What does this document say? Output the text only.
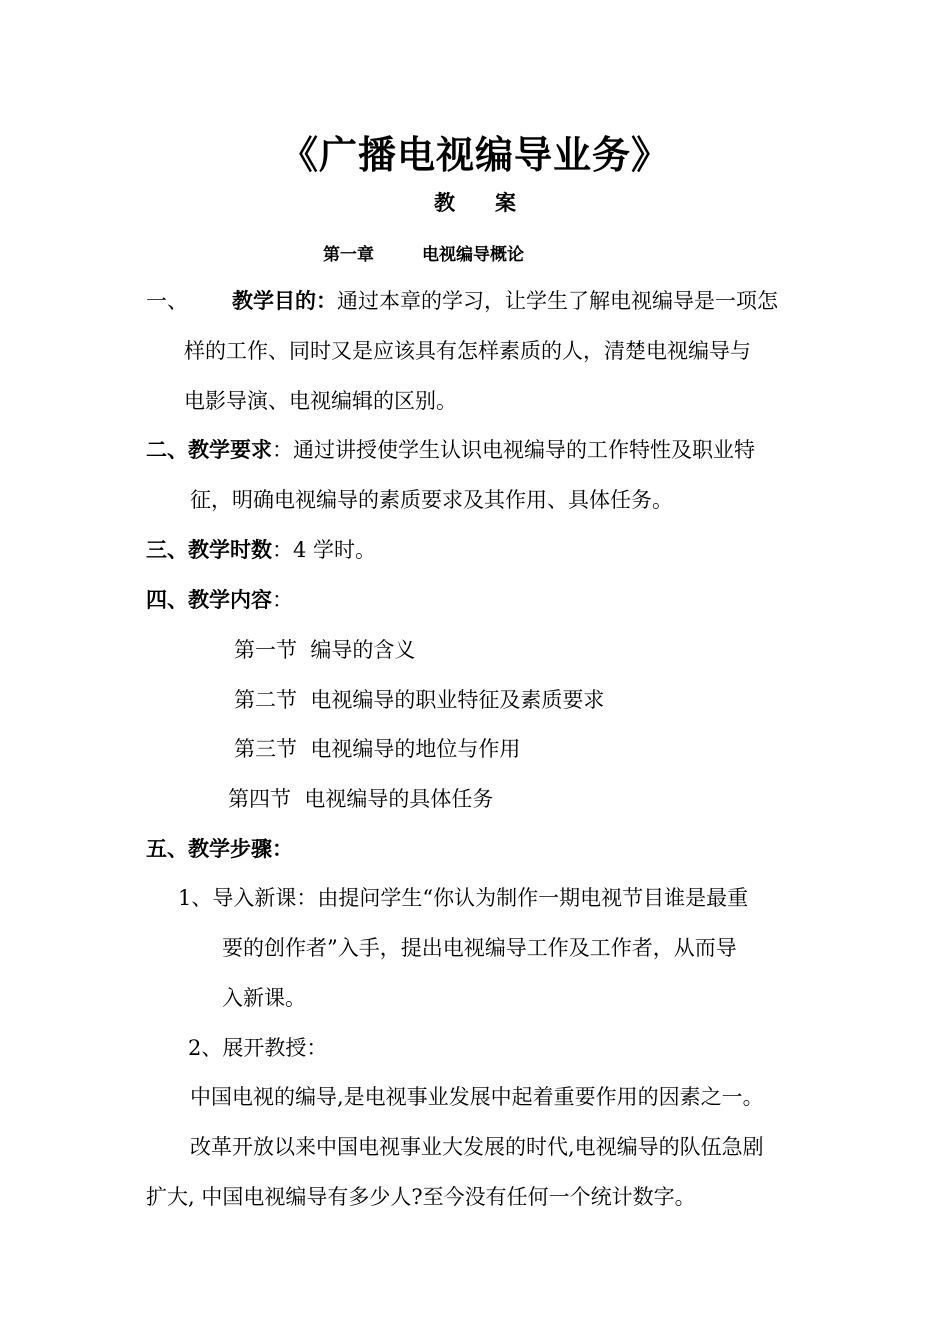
《广播电视编导业务》
教案
第一章	电视编导概论
一、 教学目的：通过本章的学习，让学生了解电视编导是一项怎
样的工作、同时又是应该具有怎样素质的人，清楚电视编导与
电影导演、电视编辑的区别。
二、教学要求：通过讲授使学生认识电视编导的工作特性及职业特
征，明确电视编导的素质要求及其作用、具体任务。
三、教学时数：4 学时。
四、教学内容：
第一节  编导的含义
第二节  电视编导的职业特征及素质要求
第三节  电视编导的地位与作用
第四节  电视编导的具体任务
五、教学步骤：
1、导入新课：由提问学生“你认为制作一期电视节目谁是最重
要的创作者”入手，提出电视编导工作及工作者，从而导
入新课。
2、展开教授：
中国电视的编导,是电视事业发展中起着重要作用的因素之一。
改革开放以来中国电视事业大发展的时代,电视编导的队伍急剧
扩大, 中国电视编导有多少人?至今没有任何一个统计数字。
